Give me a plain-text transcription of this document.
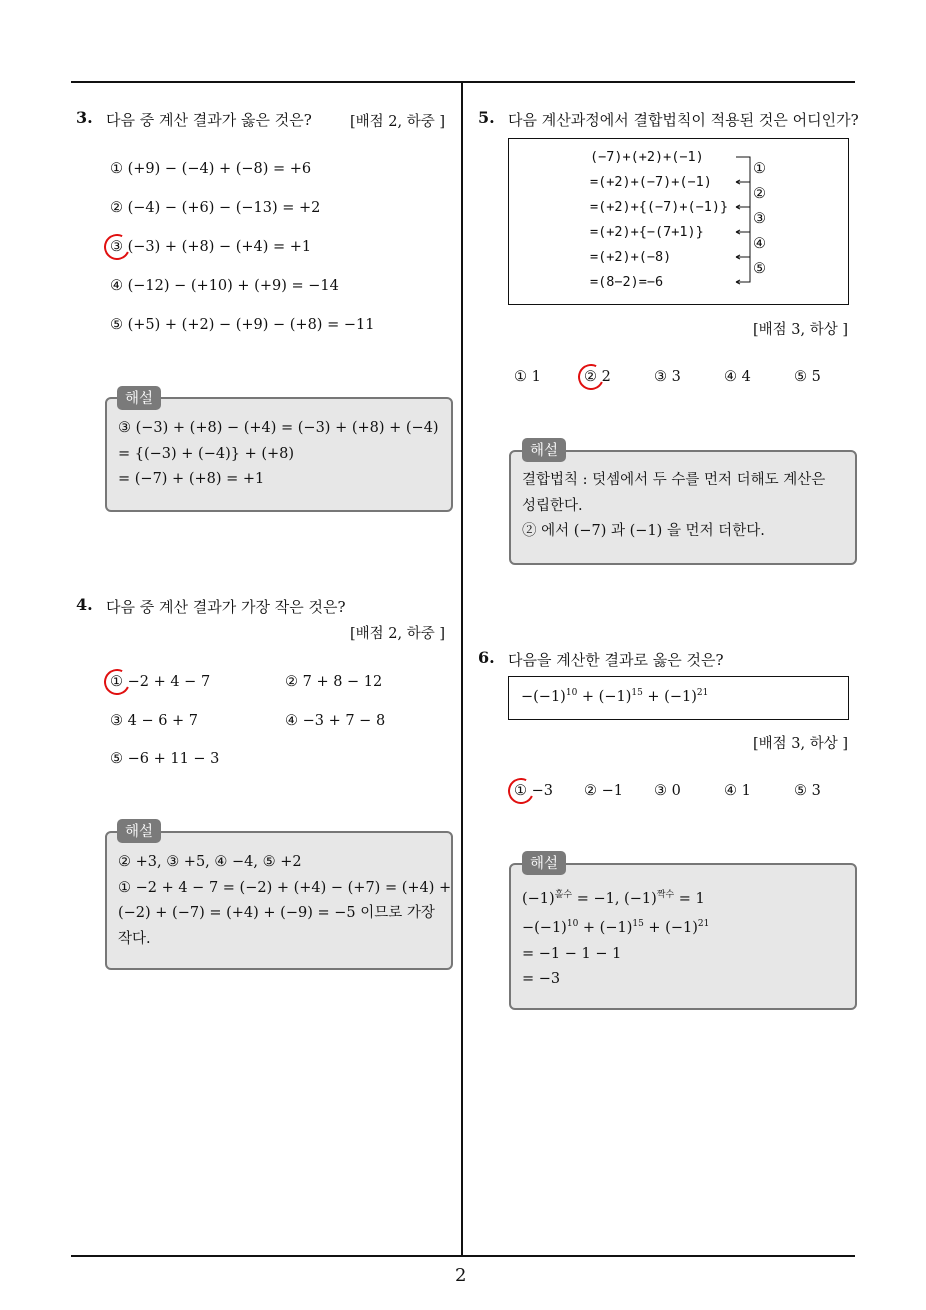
2
3. 다음 중 계산 결과가 옳은 것은?	[배점 2, 하중 ]
① (+9) − (−4) + (−8) = +6
② (−4) − (+6) − (−13) = +2
③ (−3) + (+8) − (+4) = +1
④ (−12) − (+10) + (+9) = −14
⑤ (+5) + (+2) − (+9) − (+8) = −11
해설
③ (−3) + (+8) − (+4) = (−3) + (+8) + (−4)
= {(−3) + (−4)} + (+8)
= (−7) + (+8) = +1
4. 다음 중 계산 결과가 가장 작은 것은?
[배점 2, 하중 ]
① −2 + 4 − 7	② 7 + 8 − 12
③ 4 − 6 + 7	④ −3 + 7 − 8
⑤ −6 + 11 − 3
해설
② +3, ③ +5, ④ −4, ⑤ +2
① −2 + 4 − 7 = (−2) + (+4) − (+7) = (+4) +
(−2) + (−7) = (+4) + (−9) = −5 이므로 가장
작다.
5. 다음 계산과정에서 결합법칙이 적용된 것은 어디인가?
(−7)+(+2)+(−1)
=(+2)+(−7)+(−1)
=(+2)+{(−7)+(−1)}
=(+2)+{−(7+1)}
=(+2)+(−8)
=(8−2)=−6
①
②
③
④
⑤
[배점 3, 하상 ]
① 1	② 2	③ 3	④ 4	⑤ 5
해설
결합법칙 : 덧셈에서 두 수를 먼저 더해도 계산은
성립한다.
② 에서 (−7) 과 (−1) 을 먼저 더한다.
6. 다음을 계산한 결과로 옳은 것은?
$-(-1)^{10} + (-1)^{15} + (-1)^{21}$
[배점 3, 하상 ]
① −3 ② −1 ③ 0	④ 1	⑤ 3
해설
$(-1)^{홀수} = -1$, $(-1)^{짝수} = 1$
$-(-1)^{10} + (-1)^{15} + (-1)^{21}$
= −1 − 1 − 1
= −3
